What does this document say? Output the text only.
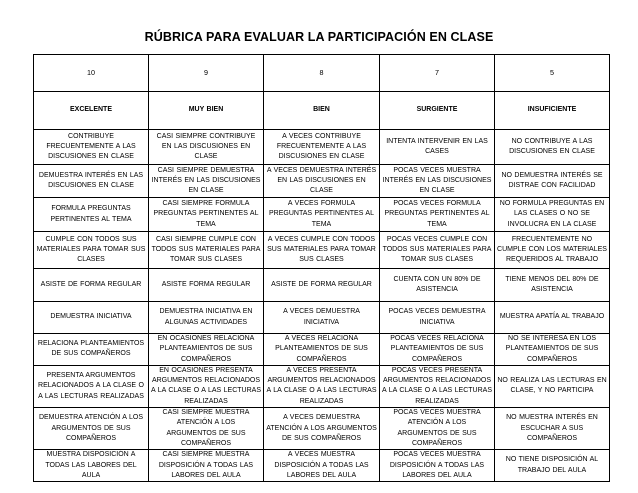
RÚBRICA PARA EVALUAR LA PARTICIPACIÓN EN CLASE
10	9	8	7	5
EXCELENTE	MUY BIEN	BIEN	SURGIENTE	INSUFICIENTE
CONTRIBUYE FRECUENTEMENTE A LAS DISCUSIONES EN CLASE	CASI SIEMPRE CONTRIBUYE EN LAS DISCUSIONES EN CLASE	A VECES CONTRIBUYE FRECUENTEMENTE A LAS DISCUSIONES EN CLASE	INTENTA INTERVENIR EN LAS CASES	NO CONTRIBUYE A LAS DISCUSIONES EN CLASE
DEMUESTRA INTERÉS EN LAS DISCUSIONES EN CLASE	CASI SIEMPRE DEMUESTRA INTERÉS EN LAS DISCUSIONES EN CLASE	A VECES DEMUESTRA INTERÉS EN LAS DISCUSIONES EN CLASE	POCAS VECES MUESTRA INTERÉS EN LAS DISCUSIONES EN CLASE	NO DEMUESTRA INTERÉS SE DISTRAE CON FACILIDAD
FORMULA PREGUNTAS PERTINENTES AL TEMA	CASI SIEMPRE FORMULA PREGUNTAS PERTINENTES AL TEMA	A VECES FORMULA PREGUNTAS PERTINENTES AL TEMA	POCAS VECES FORMULA PREGUNTAS PERTINENTES AL TEMA	NO FORMULA PREGUNTAS EN LAS CLASES O NO SE INVOLUCRA EN LA CLASE
CUMPLE CON TODOS SUS MATERIALES PARA TOMAR SUS CLASES	CASI SIEMPRE CUMPLE CON TODOS SUS MATERIALES PARA TOMAR SUS CLASES	A VECES CUMPLE CON TODOS SUS MATERIALES PARA TOMAR SUS CLASES	POCAS VECES CUMPLE CON TODOS SUS MATERIALES PARA TOMAR SUS CLASES	FRECUENTEMENTE NO CUMPLE CON LOS MATERIALES REQUERIDOS AL TRABAJO
ASISTE DE FORMA REGULAR	ASISTE FORMA REGULAR	ASISTE DE FORMA REGULAR	CUENTA CON UN 80% DE ASISTENCIA	TIENE MENOS DEL 80% DE ASISTENCIA
DEMUESTRA INICIATIVA	DEMUESTRA INICIATIVA EN ALGUNAS ACTIVIDADES	A VECES DEMUESTRA INICIATIVA	POCAS VECES DEMUESTRA INICIATIVA	MUESTRA APATÍA AL TRABAJO
RELACIONA PLANTEAMIENTOS DE SUS COMPAÑEROS	EN OCASIONES RELACIONA PLANTEAMIENTOS DE SUS COMPAÑEROS	A VECES RELACIONA PLANTEAMIENTOS DE SUS COMPAÑEROS	POCAS VECES RELACIONA PLANTEAMIENTOS DE SUS COMPAÑEROS	NO SE INTERESA EN LOS PLANTEAMIENTOS DE SUS COMPAÑEROS
PRESENTA ARGUMENTOS RELACIONADOS A LA CLASE O A LAS LECTURAS REALIZADAS	EN OCASIONES PRESENTA ARGUMENTOS RELACIONADOS A LA CLASE O A LAS LECTURAS REALIZADAS	A VECES PRESENTA ARGUMENTOS RELACIONADOS A LA CLASE O A LAS LECTURAS REALIZADAS	POCAS VECES PRESENTA ARGUMENTOS RELACIONADOS A LA CLASE O A LAS LECTURAS REALIZADAS	NO REALIZA LAS LECTURAS EN CLASE, Y NO PARTICIPA
DEMUESTRA ATENCIÓN A LOS ARGUMENTOS DE SUS COMPAÑEROS	CASI SIEMPRE MUESTRA ATENCIÓN A LOS ARGUMENTOS DE SUS COMPAÑEROS	A VECES DEMUESTRA ATENCIÓN A LOS ARGUMENTOS DE SUS COMPAÑEROS	POCAS VECES MUESTRA ATENCIÓN A LOS ARGUMENTOS DE SUS COMPAÑEROS	NO MUESTRA INTERÉS EN ESCUCHAR A SUS COMPAÑEROS
MUESTRA DISPOSICIÓN A TODAS LAS LABORES DEL AULA	CASI SIEMPRE MUESTRA DISPOSICIÓN A TODAS LAS LABORES DEL AULA	A VECES MUESTRA DISPOSICIÓN A TODAS LAS LABORES DEL AULA	POCAS VECES MUESTRA DISPOSICIÓN A TODAS LAS LABORES DEL AULA	NO TIENE DISPOSICIÓN AL TRABAJO DEL AULA
